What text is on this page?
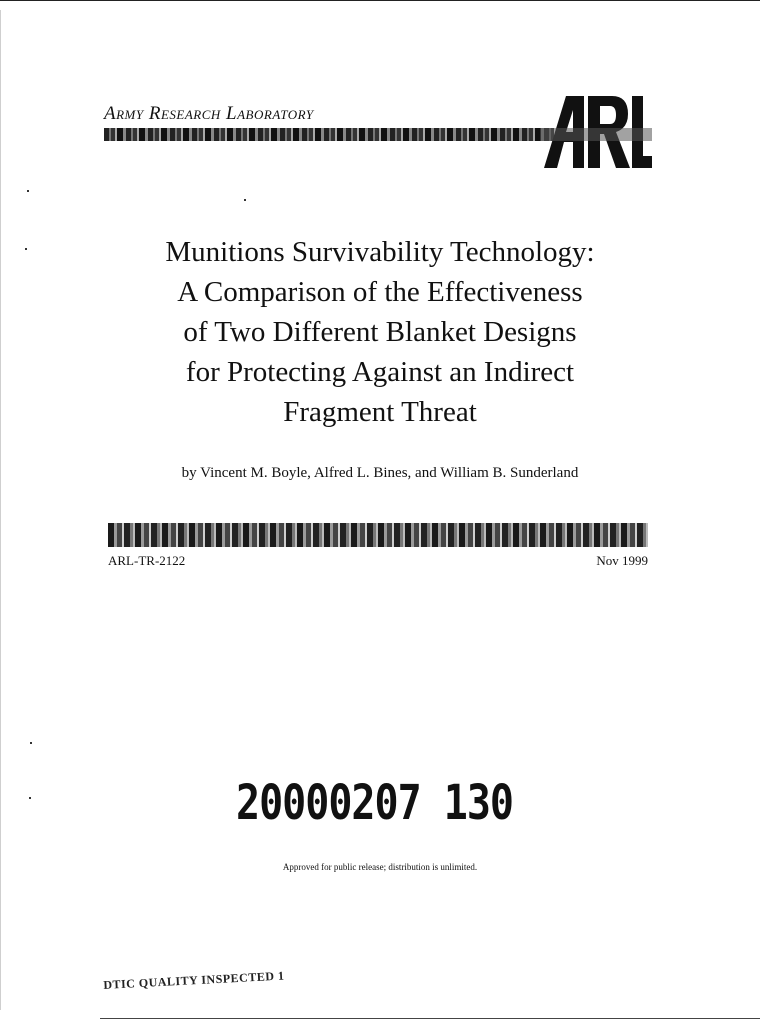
Army Research Laboratory
Munitions Survivability Technology:
A Comparison of the Effectiveness
of Two Different Blanket Designs
for Protecting Against an Indirect
Fragment Threat
by Vincent M. Boyle, Alfred L. Bines, and William B. Sunderland
ARL-TR-2122	Nov 1999
20000207 130
Approved for public release; distribution is unlimited.
DTIC QUALITY INSPECTED 1
